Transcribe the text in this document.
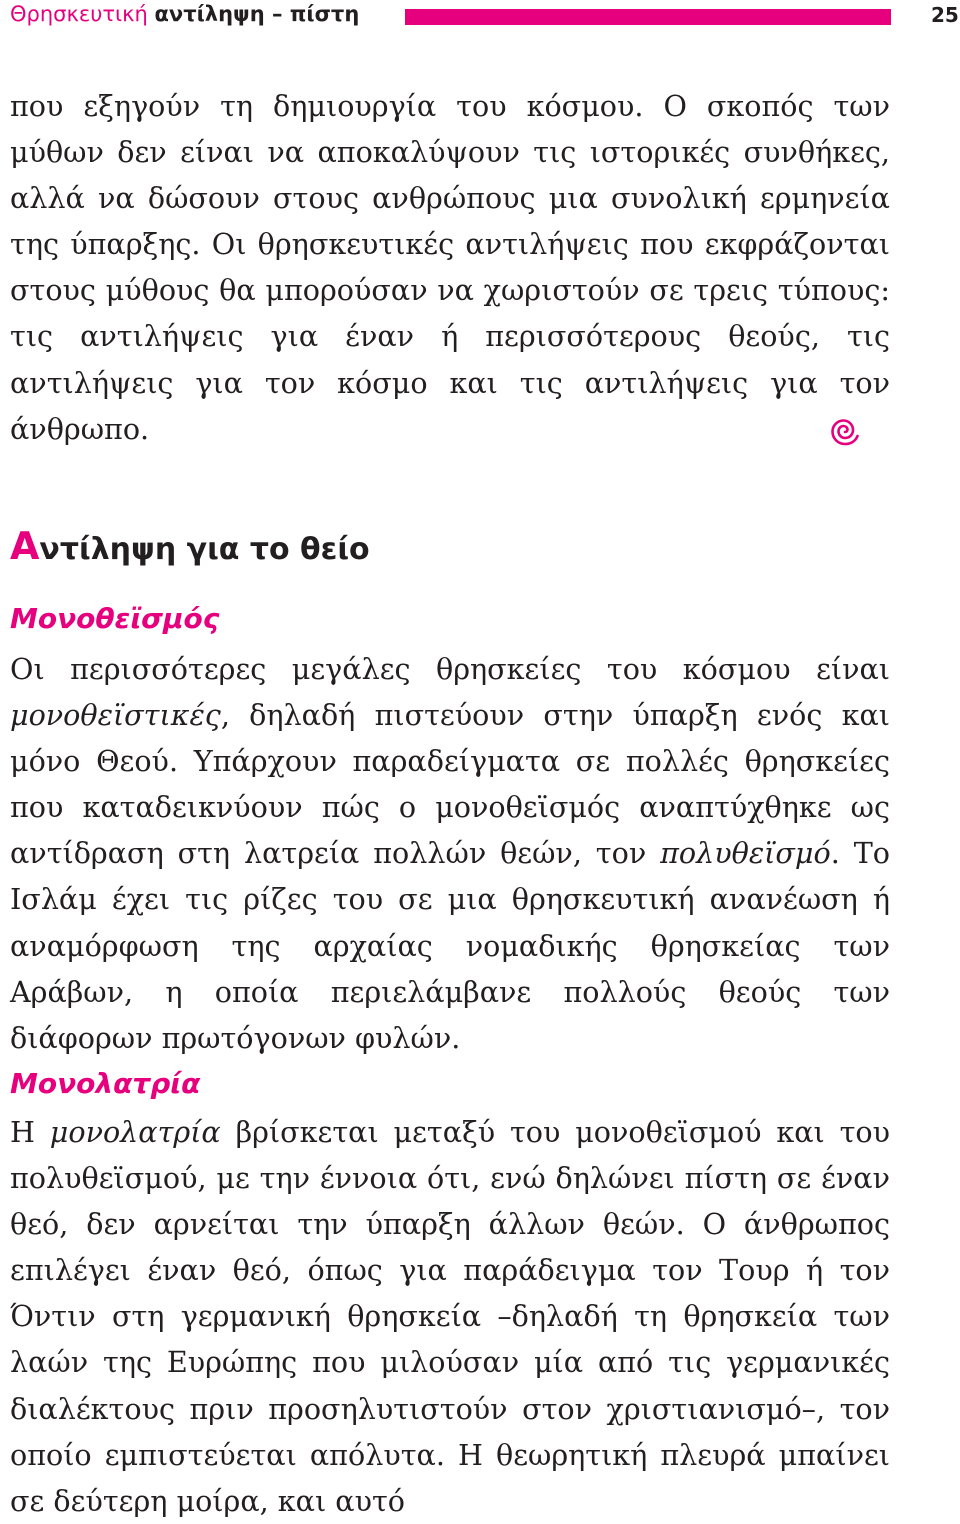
Θρησκευτική αντίληψη – πίστη	25

που εξηγούν τη δημιουργία του κόσμου. Ο σκοπός των μύθων δεν είναι να αποκαλύψουν τις ιστορικές συνθήκες, αλλά να δώσουν στους ανθρώπους μια συνολική ερμηνεία της ύπαρξης. Οι θρησκευτικές αντιλήψεις που εκφράζονται στους μύθους θα μπορούσαν να χωριστούν σε τρεις τύπους: τις αντιλήψεις για έναν ή περισσότερους θεούς, τις αντιλήψεις για τον κόσμο και τις αντιλήψεις για τον άνθρωπο.

Αντίληψη για το θείο
Μονοθεϊσμός

Οι περισσότερες μεγάλες θρησκείες του κόσμου είναι μονοθεϊστικές, δηλαδή πιστεύουν στην ύπαρξη ενός και μόνο Θεού. Υπάρχουν παραδείγματα σε πολλές θρησκείες που καταδεικνύουν πώς ο μονοθεϊσμός αναπτύχθηκε ως αντίδραση στη λατρεία πολλών θεών, τον πολυθεϊσμό. Το Ισλάμ έχει τις ρίζες του σε μια θρησκευτική ανανέωση ή αναμόρφωση της αρχαίας νομαδικής θρησκείας των Αράβων, η οποία περιελάμβανε πολλούς θεούς των διάφορων πρωτόγονων φυλών.

Μονολατρία

Η μονολατρία βρίσκεται μεταξύ του μονοθεϊσμού και του πολυθεϊσμού, με την έννοια ότι, ενώ δηλώνει πίστη σε έναν θεό, δεν αρνείται την ύπαρξη άλλων θεών. Ο άνθρωπος επιλέγει έναν θεό, όπως για παράδειγμα τον Τουρ ή τον Όντιν στη γερμανική θρησκεία –δηλαδή τη θρησκεία των λαών της Ευρώπης που μιλούσαν μία από τις γερμανικές διαλέκτους πριν προσηλυτιστούν στον χριστιανισμό–, τον οποίο εμπιστεύεται απόλυτα. Η θεωρητική πλευρά μπαίνει σε δεύτερη μοίρα, και αυτό
